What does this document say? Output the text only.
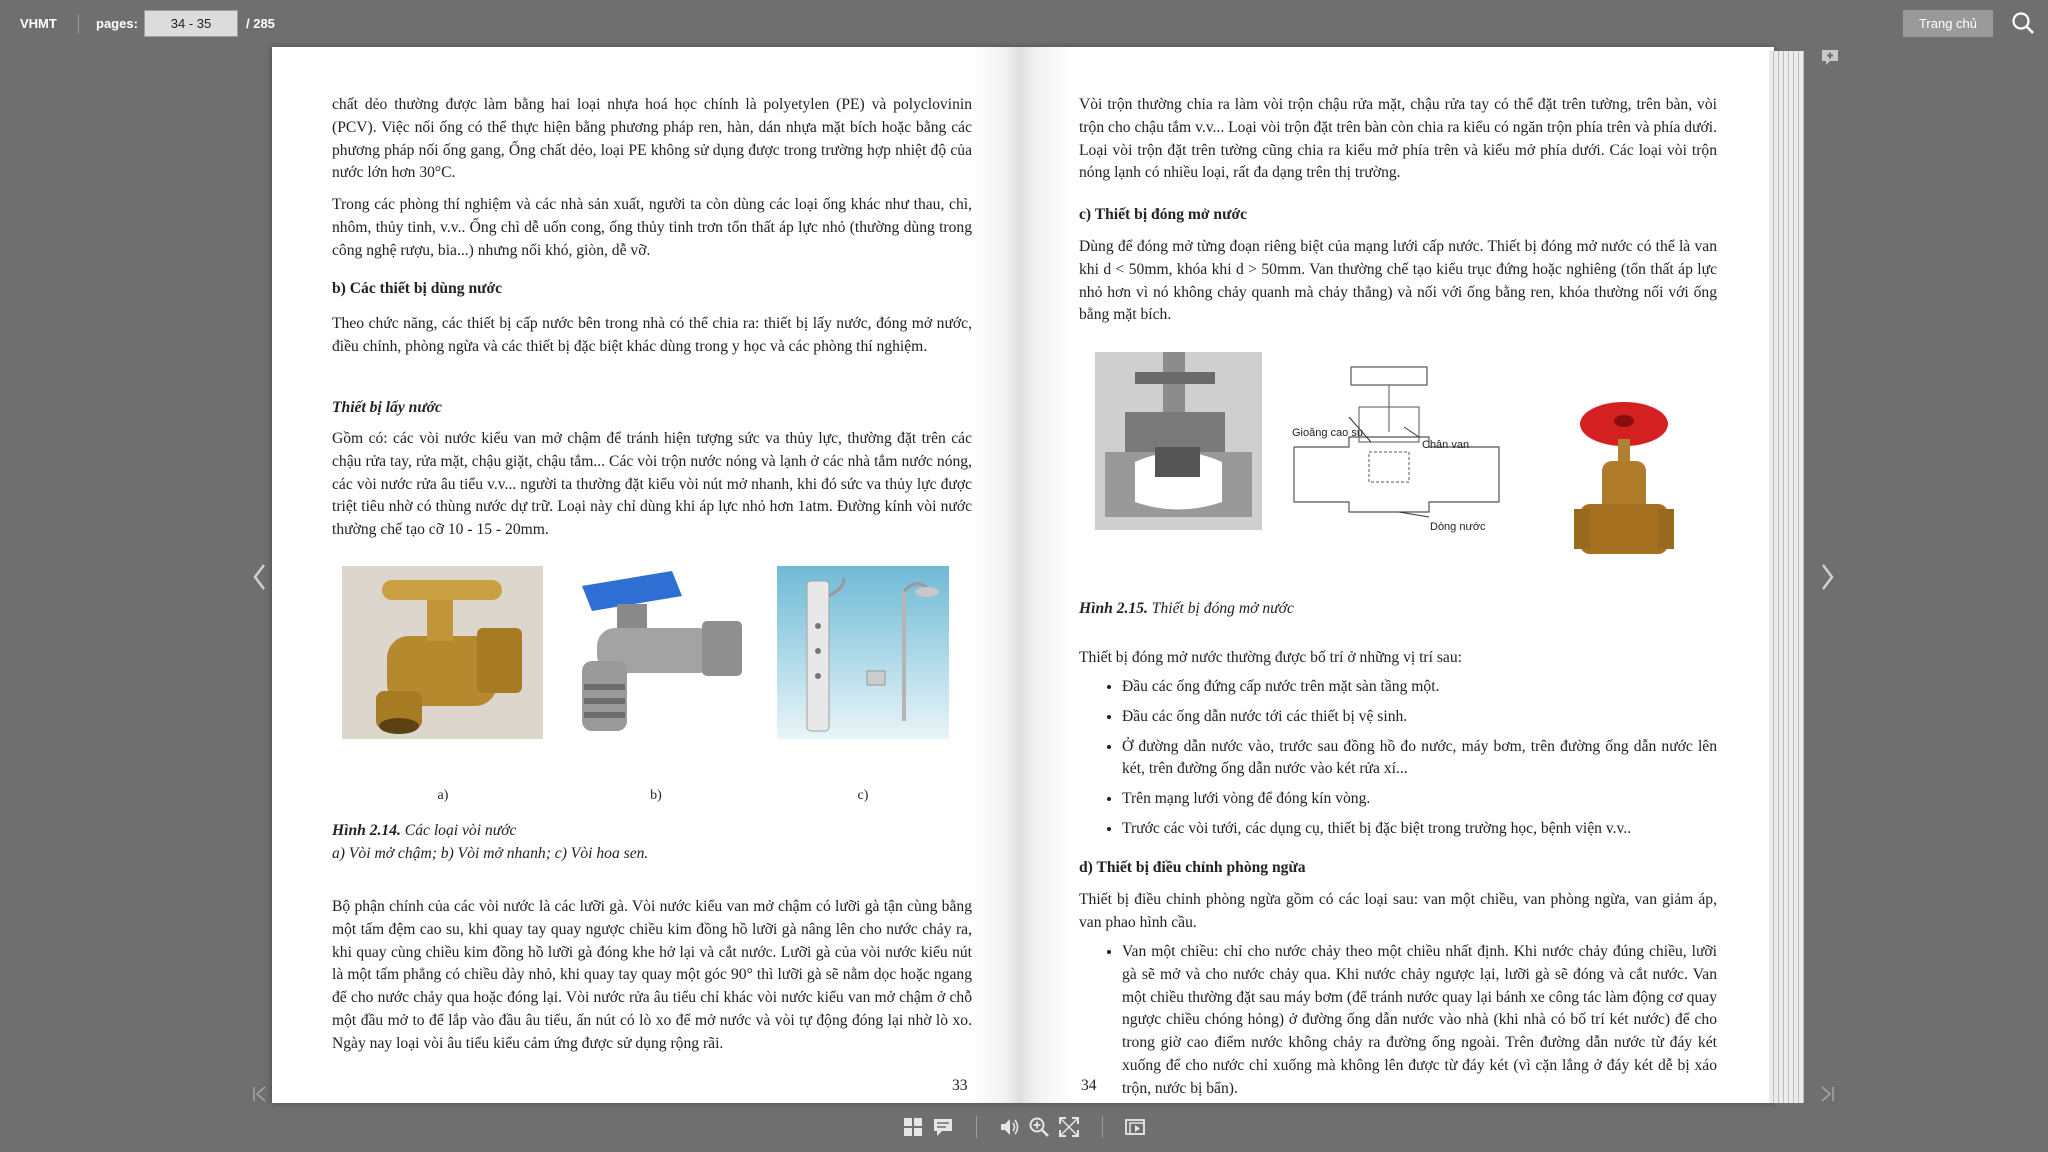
VHMT	pages:
34 - 35	/ 285	Trang chủ

chất dẻo thường được làm bằng hai loại nhựa hoá học chính là polyetylen (PE) và polyclovinin (PCV). Việc nối ống có thể thực hiện bằng phương pháp ren, hàn, dán nhựa mặt bích hoặc bằng các phương pháp nối ống gang, Ống chất dẻo, loại PE không sử dụng được trong trường hợp nhiệt độ của nước lớn hơn 30°C.

Trong các phòng thí nghiệm và các nhà sản xuất, người ta còn dùng các loại ống khác như thau, chì, nhôm, thủy tinh, v.v.. Ống chì dễ uốn cong, ống thủy tinh trơn tổn thất áp lực nhỏ (thường dùng trong công nghệ rượu, bia...) nhưng nối khó, giòn, dễ vỡ.

b) Các thiết bị dùng nước

Theo chức năng, các thiết bị cấp nước bên trong nhà có thể chia ra: thiết bị lấy nước, đóng mở nước, điều chỉnh, phòng ngừa và các thiết bị đặc biệt khác dùng trong y học và các phòng thí nghiệm.

Thiết bị lấy nước

Gồm có: các vòi nước kiểu van mở chậm để tránh hiện tượng sức va thủy lực, thường đặt trên các chậu rửa tay, rửa mặt, chậu giặt, chậu tắm... Các vòi trộn nước nóng và lạnh ở các nhà tắm nước nóng, các vòi nước rửa âu tiểu v.v... người ta thường đặt kiểu vòi nút mở nhanh, khi đó sức va thủy lực được triệt tiêu nhờ có thùng nước dự trữ. Loại này chỉ dùng khi áp lực nhỏ hơn 1atm. Đường kính vòi nước thường chế tạo cỡ 10 - 15 - 20mm.

a)	b)	c)

Hình 2.14. Các loại vòi nước

a) Vòi mở chậm; b) Vòi mở nhanh; c) Vòi hoa sen.

Bộ phận chính của các vòi nước là các lưỡi gà. Vòi nước kiểu van mở chậm có lưỡi gà tận cùng bằng một tấm đệm cao su, khi quay tay quay ngược chiều kim đồng hồ lưỡi gà nâng lên cho nước chảy ra, khi quay cùng chiều kim đồng hồ lưỡi gà đóng khe hở lại và cắt nước. Lưỡi gà của vòi nước kiểu nút là một tấm phẳng có chiều dày nhỏ, khi quay tay quay một góc 90° thì lưỡi gà sẽ nằm dọc hoặc ngang để cho nước chảy qua hoặc đóng lại. Vòi nước rửa âu tiểu chỉ khác vòi nước kiểu van mở chậm ở chỗ một đầu mở to để lắp vào đầu âu tiểu, ấn nút có lò xo để mở nước và vòi tự động đóng lại nhờ lò xo. Ngày nay loại vòi âu tiểu kiểu cảm ứng được sử dụng rộng rãi.

33

Vòi trộn thường chia ra làm vòi trộn chậu rửa mặt, chậu rửa tay có thể đặt trên tường, trên bàn, vòi trộn cho chậu tắm v.v... Loại vòi trộn đặt trên bàn còn chia ra kiểu có ngăn trộn phía trên và phía dưới. Loại vòi trộn đặt trên tường cũng chia ra kiểu mở phía trên và kiểu mở phía dưới. Các loại vòi trộn nóng lạnh có nhiều loại, rất đa dạng trên thị trường.

c) Thiết bị đóng mở nước

Dùng để đóng mở từng đoạn riêng biệt của mạng lưới cấp nước. Thiết bị đóng mở nước có thể là van khi d < 50mm, khóa khi d > 50mm. Van thường chế tạo kiểu trục đứng hoặc nghiêng (tổn thất áp lực nhỏ hơn vì nó không chảy quanh mà chảy thẳng) và nối với ống bằng ren, khóa thường nối với ống bằng mặt bích.

Gioăng cao su
Chân van
Dòng nước

Hình 2.15. Thiết bị đóng mở nước

Thiết bị đóng mở nước thường được bố trí ở những vị trí sau:

• Đầu các ống đứng cấp nước trên mặt sàn tầng một.
• Đầu các ống dẫn nước tới các thiết bị vệ sinh.
• Ở đường dẫn nước vào, trước sau đồng hồ đo nước, máy bơm, trên đường ống dẫn nước lên két, trên đường ống dẫn nước vào két rửa xí...
• Trên mạng lưới vòng để đóng kín vòng.
• Trước các vòi tưới, các dụng cụ, thiết bị đặc biệt trong trường học, bệnh viện v.v..
d) Thiết bị điều chỉnh phòng ngừa

Thiết bị điều chỉnh phòng ngừa gồm có các loại sau: van một chiều, van phòng ngừa, van giảm áp, van phao hình cầu.

• Van một chiều: chỉ cho nước chảy theo một chiều nhất định. Khi nước chảy đúng chiều, lưỡi gà sẽ mở và cho nước chảy qua. Khi nước chảy ngược lại, lưỡi gà sẽ đóng và cắt nước. Van một chiều thường đặt sau máy bơm (để tránh nước quay lại bánh xe công tác làm động cơ quay ngược chiều chóng hỏng) ở đường ống dẫn nước vào nhà (khi nhà có bố trí két nước) để cho trong giờ cao điểm nước không chảy ra đường ống ngoài. Trên đường dẫn nước từ đáy két xuống để cho nước chỉ xuống mà không lên được từ đáy két (vì cặn lắng ở đáy két dễ bị xáo trộn, nước bị bẩn).
34
